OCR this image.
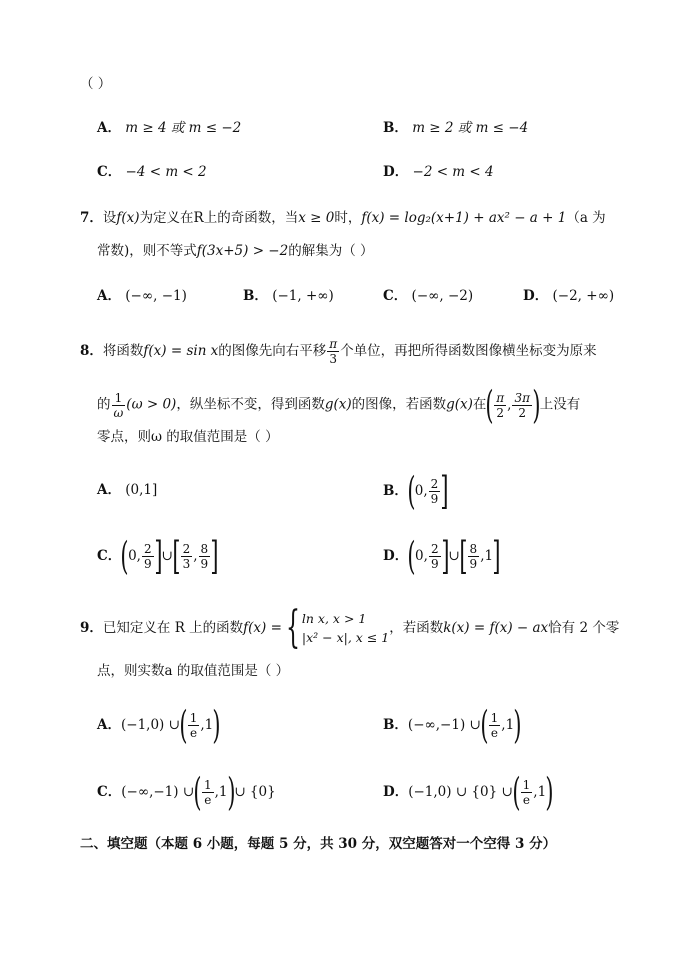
（ ）
A． m ≥ 4 或 m ≤ −2	B． m ≥ 2 或 m ≤ −4
C． −4 < m < 2	D． −2 < m < 4
7．设f(x)为定义在R上的奇函数，当x ≥ 0时，f(x) = log₂(x+1) + ax² − a + 1（a 为
常数)，则不等式f(3x+5) > −2的解集为（ ）
A． (−∞, −1)	B． (−1, +∞)	C． (−∞, −2)	D． (−2, +∞)
8．将函数f(x) = sin x的图像先向右平移 $\frac{\pi}{3}$ 个单位，再把所得函数图像横坐标变为原来
的 $\frac{1}{\omega} (\omega > 0)$，纵坐标不变，得到函数g(x)的图像，若函数g(x)在( $\frac{\pi}{2}$ , $\frac{3\pi}{2}$ )上没有
零点，则ω 的取值范围是（ ）
A． (0,1]	B．(0, $\frac{2}{9}$ ]
C．(0, $\frac{2}{9}$ ]∪[ $\frac{2}{3}$ , $\frac{8}{9}$ ]	D．(0, $\frac{2}{9}$ ]∪[ $\frac{8}{9} ,1$]
9．已知定义在 R 上的函数f(x) ={ ln x, x > 1
|x² − x|, x ≤ 1
，若函数k(x) = f(x) − ax恰有 2 个零
点，则实数a 的取值范围是（ ）
A．(−1,0) ∪( $\frac{1}{e} ,1$)	B．(−∞,−1) ∪( $\frac{1}{e} ,1$)
C．(−∞,−1) ∪( $\frac{1}{e}$ ,1)∪ {0}	D．(−1,0) ∪ {0} ∪( $\frac{1}{e} ,1$)
二、填空题（本题 6 小题，每题 5 分，共 30 分，双空题答对一个空得 3 分）
